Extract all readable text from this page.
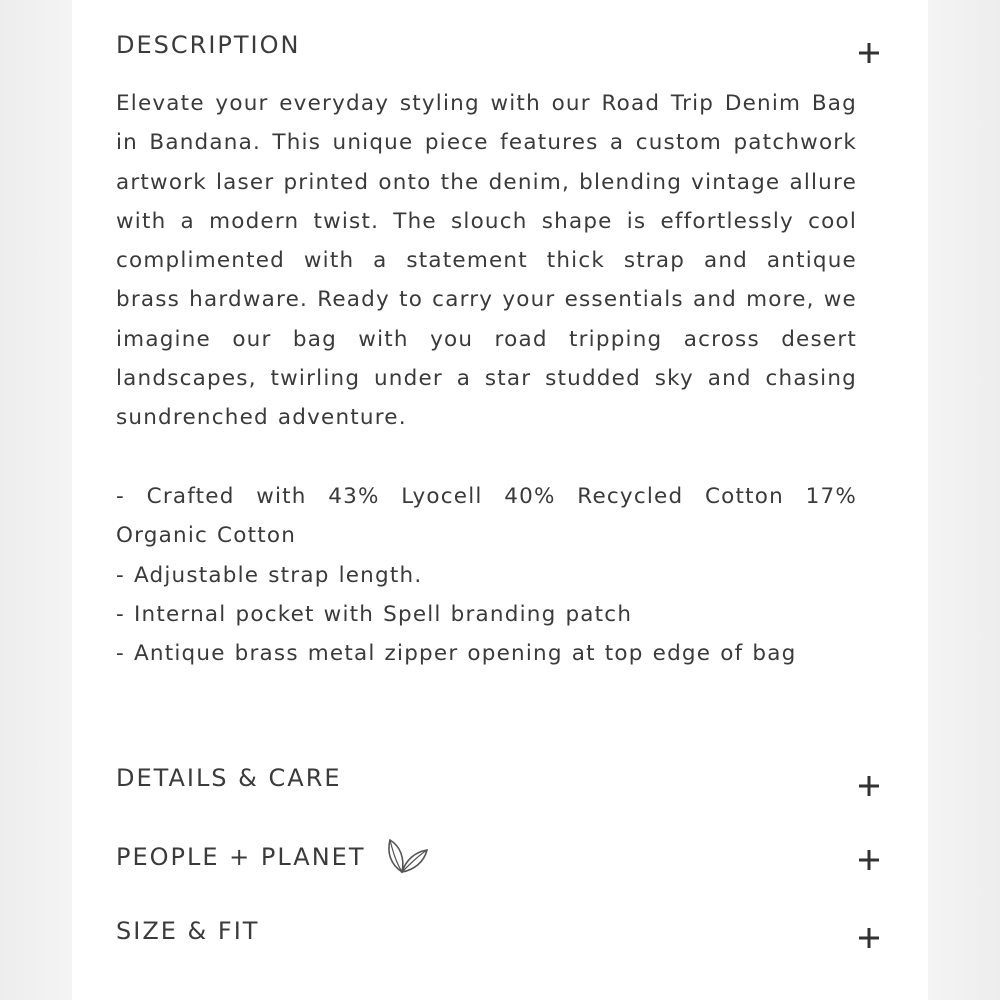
DESCRIPTION

Elevate your everyday styling with our Road Trip Denim Bag in Bandana. This unique piece features a custom patchwork artwork laser printed onto the denim, blending vintage allure with a modern twist. The slouch shape is effortlessly cool complimented with a statement thick strap and antique brass hardware. Ready to carry your essentials and more, we imagine our bag with you road tripping across desert landscapes, twirling under a star studded sky and chasing sundrenched adventure.

- Crafted with 43% Lyocell 40% Recycled Cotton 17% Organic Cotton

- Adjustable strap length.

- Internal pocket with Spell branding patch

- Antique brass metal zipper opening at top edge of bag

DETAILS & CARE
PEOPLE + PLANET
SIZE & FIT
